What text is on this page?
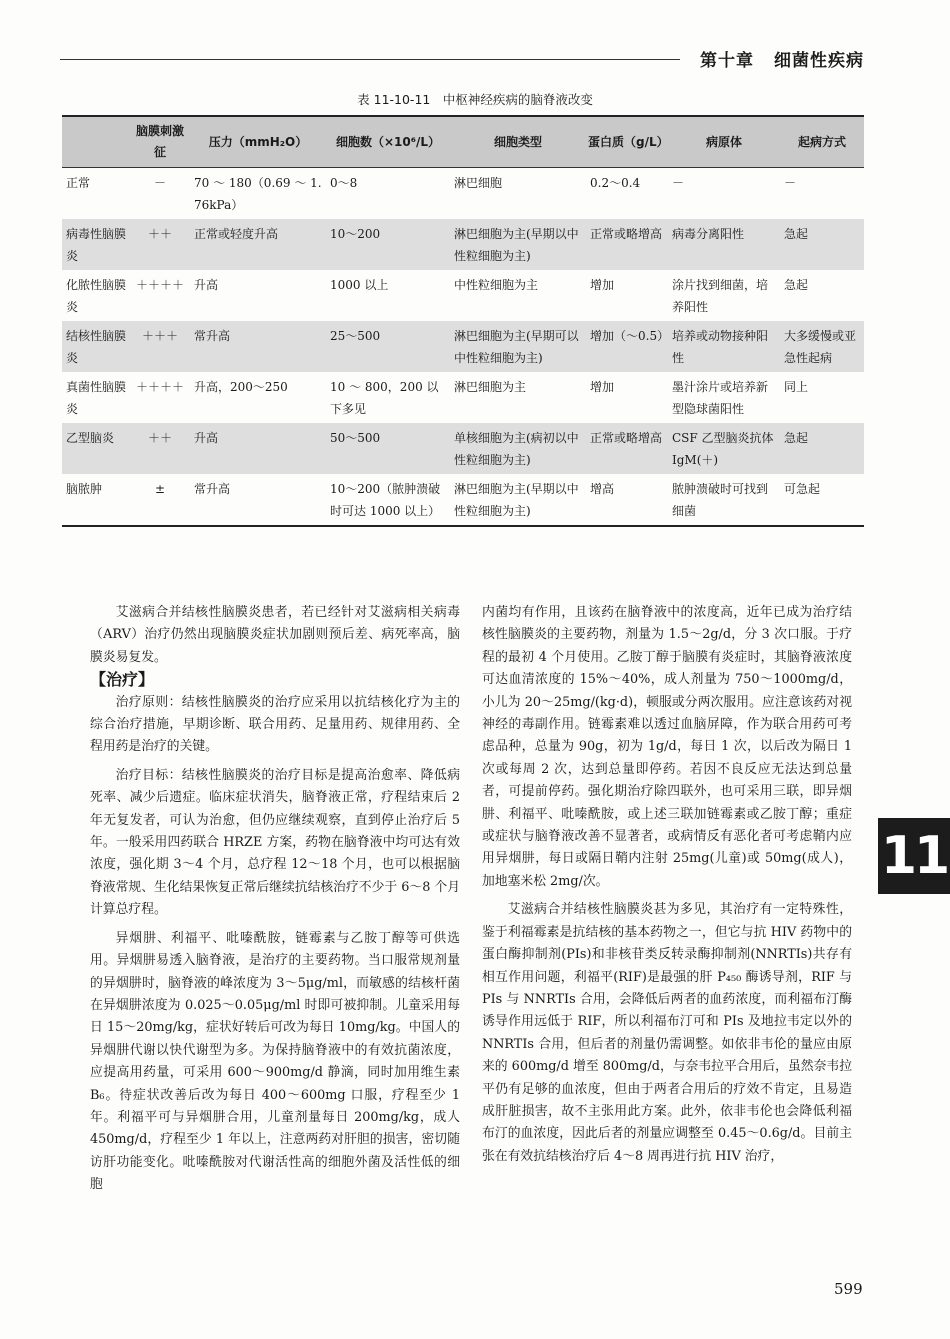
第十章 细菌性疾病
表 11-10-11　中枢神经疾病的脑脊液改变
	脑膜刺激征	压力（mmH₂O）	细胞数（×10⁶/L）	细胞类型	蛋白质（g/L）	病原体	起病方式
正常	－	70 ～ 180（0.69 ～ 1.76kPa）	0～8	淋巴细胞	0.2～0.4	－	－
病毒性脑膜炎	＋＋	正常或轻度升高	10～200	淋巴细胞为主(早期以中性粒细胞为主)	正常或略增高	病毒分离阳性	急起
化脓性脑膜炎	＋＋＋＋	升高	1000 以上	中性粒细胞为主	增加	涂片找到细菌，培养阳性	急起
结核性脑膜炎	＋＋＋	常升高	25～500	淋巴细胞为主(早期可以中性粒细胞为主)	增加（～0.5）	培养或动物接种阳性	大多缓慢或亚急性起病
真菌性脑膜炎	＋＋＋＋	升高，200～250	10 ～ 800，200 以下多见	淋巴细胞为主	增加	墨汁涂片或培养新型隐球菌阳性	同上
乙型脑炎	＋＋	升高	50～500	单核细胞为主(病初以中性粒细胞为主)	正常或略增高	CSF 乙型脑炎抗体 IgM(＋)	急起
脑脓肿	±	常升高	10～200（脓肿溃破时可达 1000 以上）	淋巴细胞为主(早期以中性粒细胞为主)	增高	脓肿溃破时可找到细菌	可急起

艾滋病合并结核性脑膜炎患者，若已经针对艾滋病相关病毒（ARV）治疗仍然出现脑膜炎症状加剧则预后差、病死率高，脑膜炎易复发。

【治疗】

治疗原则：结核性脑膜炎的治疗应采用以抗结核化疗为主的综合治疗措施，早期诊断、联合用药、足量用药、规律用药、全程用药是治疗的关键。

治疗目标：结核性脑膜炎的治疗目标是提高治愈率、降低病死率、减少后遗症。临床症状消失，脑脊液正常，疗程结束后 2 年无复发者，可认为治愈，但仍应继续观察，直到停止治疗后 5 年。一般采用四药联合 HRZE 方案，药物在脑脊液中均可达有效浓度，强化期 3～4 个月，总疗程 12～18 个月，也可以根据脑脊液常规、生化结果恢复正常后继续抗结核治疗不少于 6～8 个月计算总疗程。

异烟肼、利福平、吡嗪酰胺，链霉素与乙胺丁醇等可供选用。异烟肼易透入脑脊液，是治疗的主要药物。当口服常规剂量的异烟肼时，脑脊液的峰浓度为 3～5μg/ml，而敏感的结核杆菌在异烟肼浓度为 0.025～0.05μg/ml 时即可被抑制。儿童采用每日 15～20mg/kg，症状好转后可改为每日 10mg/kg。中国人的异烟肼代谢以快代谢型为多。为保持脑脊液中的有效抗菌浓度，应提高用药量，可采用 600～900mg/d 静滴，同时加用维生素 B₆。待症状改善后改为每日 400～600mg 口服，疗程至少 1 年。利福平可与异烟肼合用，儿童剂量每日 200mg/kg，成人 450mg/d，疗程至少 1 年以上，注意两药对肝胆的损害，密切随访肝功能变化。吡嗪酰胺对代谢活性高的细胞外菌及活性低的细胞

内菌均有作用，且该药在脑脊液中的浓度高，近年已成为治疗结核性脑膜炎的主要药物，剂量为 1.5～2g/d，分 3 次口服。于疗程的最初 4 个月使用。乙胺丁醇于脑膜有炎症时，其脑脊液浓度可达血清浓度的 15%～40%，成人剂量为 750～1000mg/d，小儿为 20～25mg/(kg·d)，顿服或分两次服用。应注意该药对视神经的毒副作用。链霉素难以透过血脑屏障，作为联合用药可考虑品种，总量为 90g，初为 1g/d，每日 1 次，以后改为隔日 1 次或每周 2 次，达到总量即停药。若因不良反应无法达到总量者，可提前停药。强化期治疗除四联外，也可采用三联，即异烟肼、利福平、吡嗪酰胺，或上述三联加链霉素或乙胺丁醇；重症或症状与脑脊液改善不显著者，或病情反有恶化者可考虑鞘内应用异烟肼，每日或隔日鞘内注射 25mg(儿童)或 50mg(成人)，加地塞米松 2mg/次。

艾滋病合并结核性脑膜炎甚为多见，其治疗有一定特殊性，鉴于利福霉素是抗结核的基本药物之一，但它与抗 HIV 药物中的蛋白酶抑制剂(PIs)和非核苷类反转录酶抑制剂(NNRTIs)共存有相互作用问题，利福平(RIF)是最强的肝 P₄₅₀ 酶诱导剂，RIF 与 PIs 与 NNRTIs 合用，会降低后两者的血药浓度，而利福布汀酶诱导作用远低于 RIF，所以利福布汀可和 PIs 及地拉韦定以外的 NNRTIs 合用，但后者的剂量仍需调整。如依非韦伦的量应由原来的 600mg/d 增至 800mg/d，与奈韦拉平合用后，虽然奈韦拉平仍有足够的血浓度，但由于两者合用后的疗效不肯定，且易造成肝脏损害，故不主张用此方案。此外，依非韦伦也会降低利福布汀的血浓度，因此后者的剂量应调整至 0.45～0.6g/d。目前主张在有效抗结核治疗后 4～8 周再进行抗 HIV 治疗，

11
599
